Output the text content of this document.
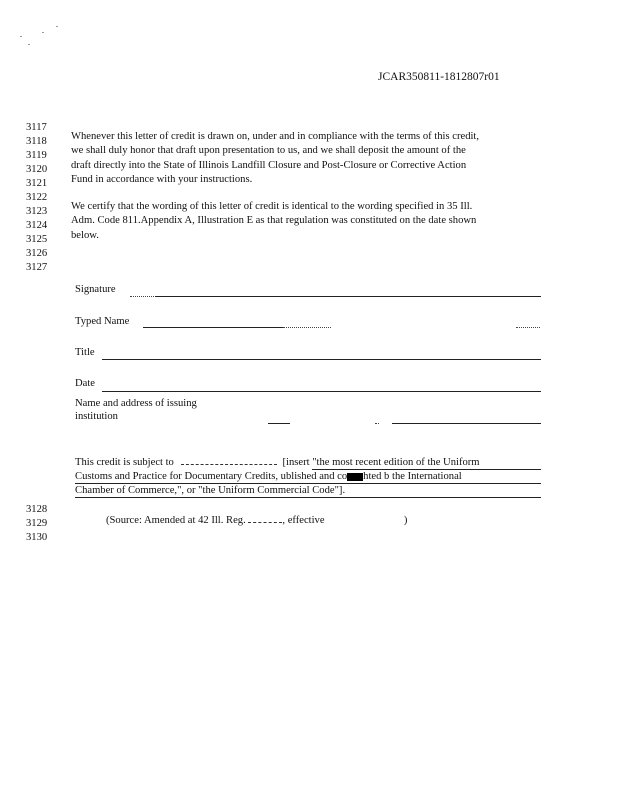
JCAR350811-1812807r01
3117
3118
3119
3120
3121
3122
3123
3124
3125
3126
3127
3128
3129
3130
Whenever this letter of credit is drawn on, under and in compliance with the terms of this credit,
we shall duly honor that draft upon presentation to us, and we shall deposit the amount of the
draft directly into the State of Illinois Landfill Closure and Post-Closure or Corrective Action
Fund in accordance with your instructions.
We certify that the wording of this letter of credit is identical to the wording specified in 35 Ill.
Adm. Code 811.Appendix A, Illustration E as that regulation was constituted on the date shown
below.
Signature
Typed Name
Title
Date
Name and address of issuing
institution
This credit is subject to	[insert "the most recent edition of the Uniform
Customs and Practice for Documentary Credits, ublished and co hted b the International
Chamber of Commerce,", or "the Uniform Commercial Code"].
(Source: Amended at 42 Ill. Reg.	, effective	)
